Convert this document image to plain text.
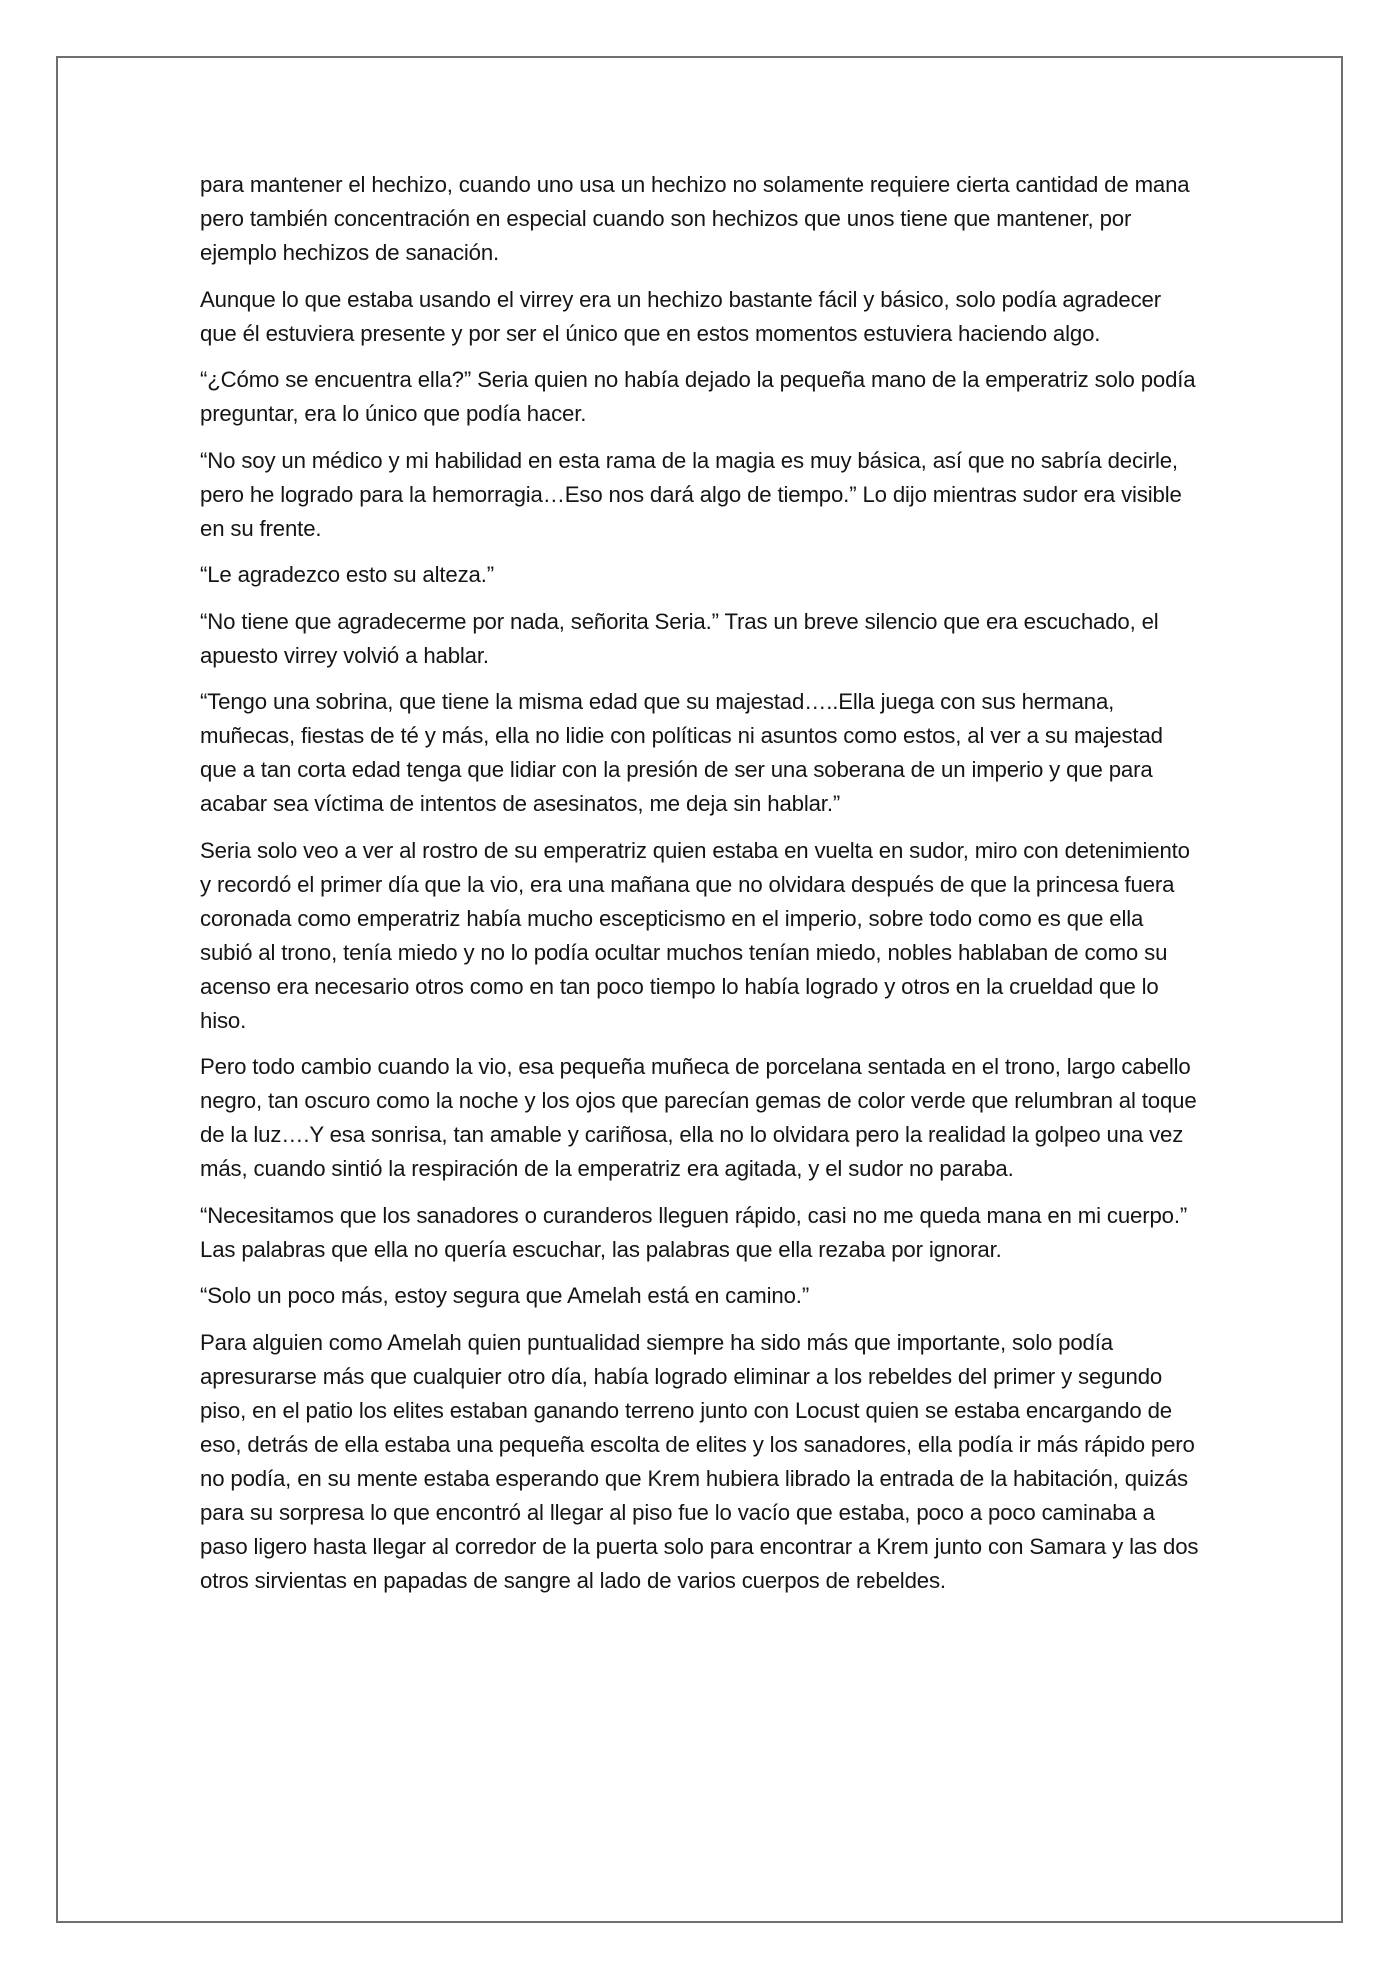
para mantener el hechizo, cuando uno usa un hechizo no solamente requiere cierta cantidad de mana pero también concentración en especial cuando son hechizos que unos tiene que mantener, por ejemplo hechizos de sanación.

Aunque lo que estaba usando el virrey era un hechizo bastante fácil y básico, solo podía agradecer que él estuviera presente y por ser el único que en estos momentos estuviera haciendo algo.

“¿Cómo se encuentra ella?” Seria quien no había dejado la pequeña mano de la emperatriz solo podía preguntar, era lo único que podía hacer.

“No soy un médico y mi habilidad en esta rama de la magia es muy básica, así que no sabría decirle, pero he logrado para la hemorragia…Eso nos dará algo de tiempo.” Lo dijo mientras sudor era visible en su frente.

“Le agradezco esto su alteza.”

“No tiene que agradecerme por nada, señorita Seria.” Tras un breve silencio que era escuchado, el apuesto virrey volvió a hablar.

“Tengo una sobrina, que tiene la misma edad que su majestad…..Ella juega con sus hermana, muñecas, fiestas de té y más, ella no lidie con políticas ni asuntos como estos, al ver a su majestad que a tan corta edad tenga que lidiar con la presión de ser una soberana de un imperio y que para acabar sea víctima de intentos de asesinatos, me deja sin hablar.”

Seria solo veo a ver al rostro de su emperatriz quien estaba en vuelta en sudor, miro con detenimiento y recordó el primer día que la vio, era una mañana que no olvidara después de que la princesa fuera coronada como emperatriz había mucho escepticismo en el imperio, sobre todo como es que ella subió al trono, tenía miedo y no lo podía ocultar muchos tenían miedo, nobles hablaban de como su acenso era necesario otros como en tan poco tiempo lo había logrado y otros en la crueldad que lo hiso.

Pero todo cambio cuando la vio, esa pequeña muñeca de porcelana sentada en el trono, largo cabello negro, tan oscuro como la noche y los ojos que parecían gemas de color verde que relumbran al toque de la luz….Y esa sonrisa, tan amable y cariñosa, ella no lo olvidara pero la realidad la golpeo una vez más, cuando sintió la respiración de la emperatriz era agitada, y el sudor no paraba.

“Necesitamos que los sanadores o curanderos lleguen rápido, casi no me queda mana en mi cuerpo.” Las palabras que ella no quería escuchar, las palabras que ella rezaba por ignorar.

“Solo un poco más, estoy segura que Amelah está en camino.”

Para alguien como Amelah quien puntualidad siempre ha sido más que importante, solo podía apresurarse más que cualquier otro día, había logrado eliminar a los rebeldes del primer y segundo piso, en el patio los elites estaban ganando terreno junto con Locust quien se estaba encargando de eso, detrás de ella estaba una pequeña escolta de elites y los sanadores, ella podía ir más rápido pero no podía, en su mente estaba esperando que Krem hubiera librado la entrada de la habitación, quizás para su sorpresa lo que encontró al llegar al piso fue lo vacío que estaba, poco a poco caminaba a paso ligero hasta llegar al corredor de la puerta solo para encontrar a Krem junto con Samara y las dos otros sirvientas en papadas de sangre al lado de varios cuerpos de rebeldes.
